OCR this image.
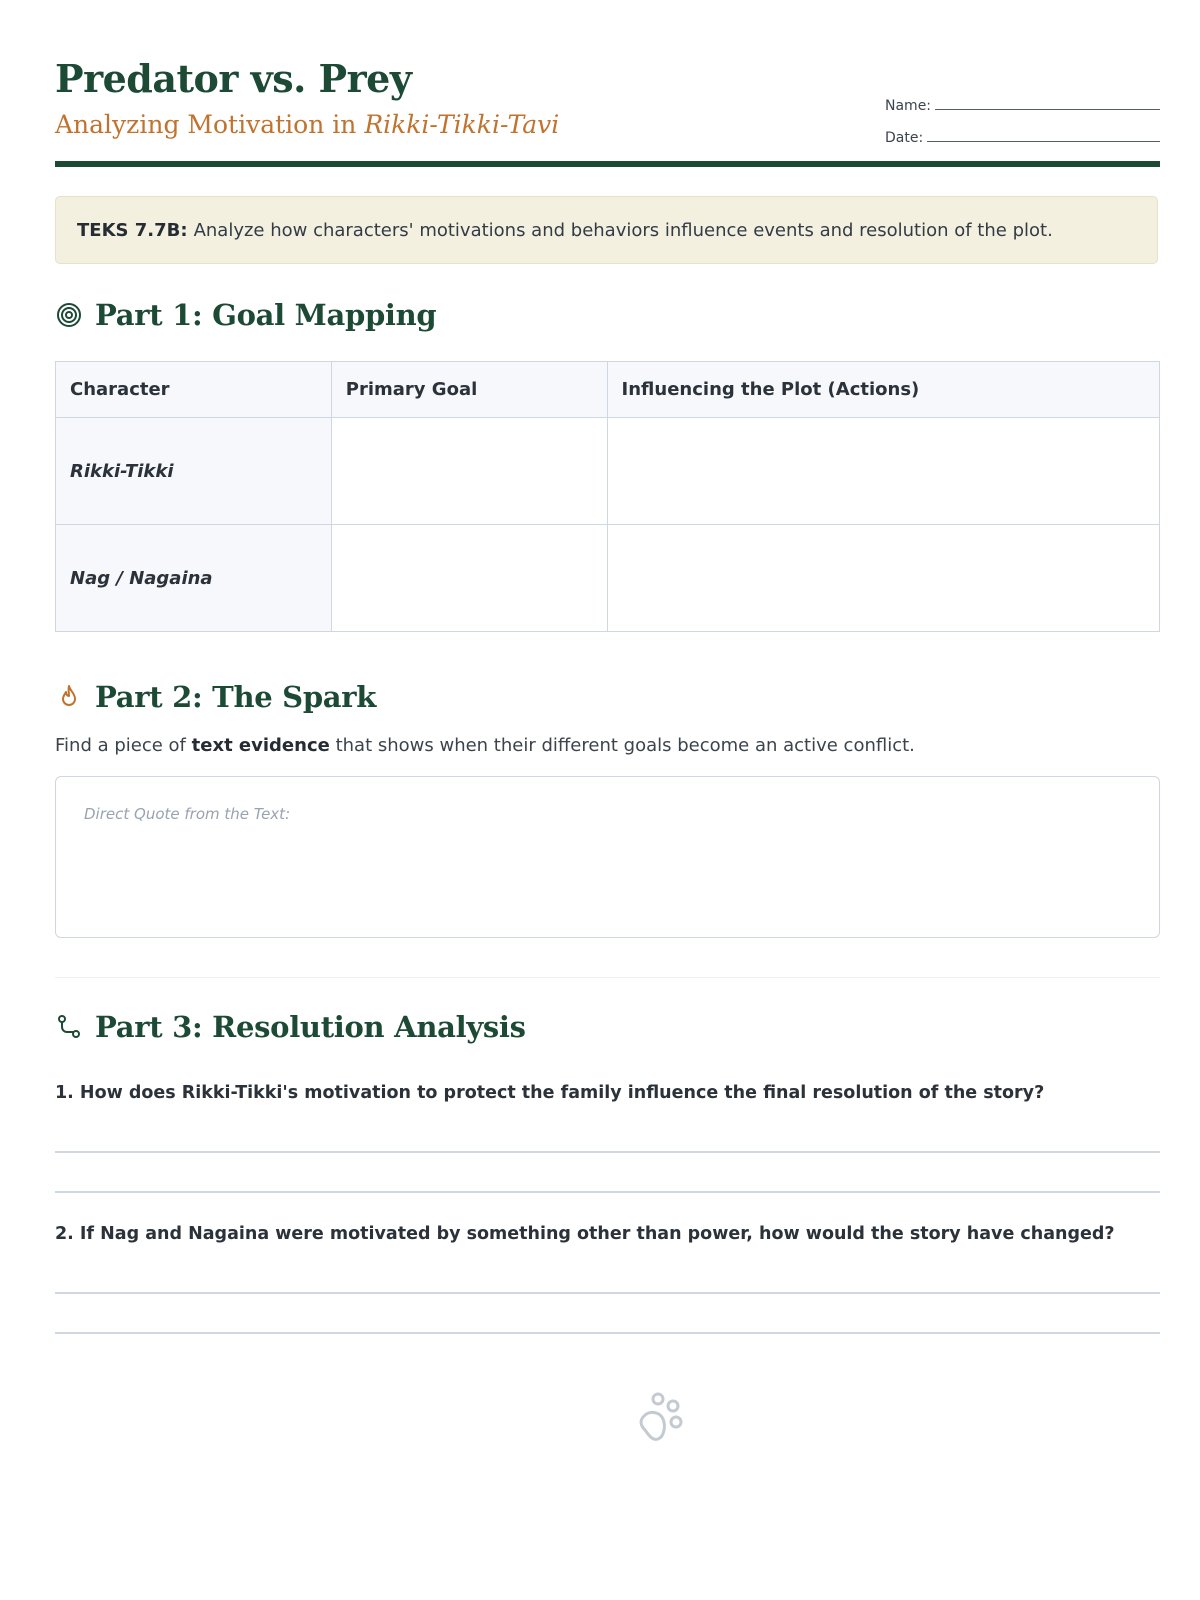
Predator vs. Prey

Analyzing Motivation in Rikki-Tikki-Tavi

Name:
Date:
TEKS 7.7B: Analyze how characters' motivations and behaviors influence events and resolution of the plot.
Part 1: Goal Mapping
Character	Primary Goal	Influencing the Plot (Actions)
Rikki-Tikki		
Nag / Nagaina		
Part 2: The Spark
Find a piece of text evidence that shows when their different goals become an active conflict.
Direct Quote from the Text:
Part 3: Resolution Analysis
1. How does Rikki-Tikki's motivation to protect the family influence the final resolution of the story?
2. If Nag and Nagaina were motivated by something other than power, how would the story have changed?
